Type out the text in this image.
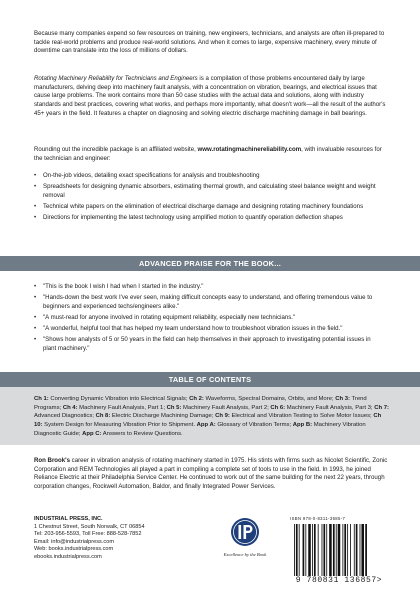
Because many companies expend so few resources on training, new engineers, technicians, and analysts are often ill-prepared to tackle real-world problems and produce real-world solutions. And when it comes to large, expensive machinery, every minute of downtime can translate into the loss of millions of dollars.

Rotating Machinery Reliability for Technicians and Engineers is a compilation of those problems encountered daily by large manufacturers, delving deep into machinery fault analysis, with a concentration on vibration, bearings, and electrical issues that cause large problems. The work contains more than 50 case studies with the actual data and solutions, along with industry standards and best practices, covering what works, and perhaps more importantly, what doesn't work—all the result of the author's 45+ years in the field. It features a chapter on diagnosing and solving electric discharge machining damage in ball bearings.

Rounding out the incredible package is an affiliated website, www.rotatingmachinereliability.com, with invaluable resources for the technician and engineer:

• On-the-job videos, detailing exact specifications for analysis and troubleshooting
• Spreadsheets for designing dynamic absorbers, estimating thermal growth, and calculating steel balance weight and weight removal
• Technical white papers on the elimination of electrical discharge damage and designing rotating machinery foundations
• Directions for implementing the latest technology using amplified motion to quantify operation deflection shapes
ADVANCED PRAISE FOR THE BOOK...
• "This is the book I wish I had when I started in the industry."
• "Hands-down the best work I've ever seen, making difficult concepts easy to understand, and offering tremendous value to beginners and experienced techs/engineers alike."
• "A must-read for anyone involved in rotating equipment reliability, especially new technicians."
• "A wonderful, helpful tool that has helped my team understand how to troubleshoot vibration issues in the field."
• "Shows how analysts of 5 or 50 years in the field can help themselves in their approach to investigating potential issues in plant machinery."
TABLE OF CONTENTS
Ch 1: Converting Dynamic Vibration into Electrical Signals; Ch 2: Waveforms, Spectral Domains, Orbits, and More; Ch 3: Trend Programs; Ch 4: Machinery Fault Analysis, Part 1; Ch 5: Machinery Fault Analysis, Part 2; Ch 6: Machinery Fault Analysis, Part 3; Ch 7: Advanced Diagnostics; Ch 8: Electric Discharge Machining Damage; Ch 9: Electrical and Vibration Testing to Solve Motor Issues; Ch 10: System Design for Measuring Vibration Prior to Shipment. App A: Glossary of Vibration Terms; App B: Machinery Vibration Diagnostic Guide; App C: Answers to Review Questions.

Ron Brook's career in vibration analysis of rotating machinery started in 1975. His stints with firms such as Nicolet Scientific, Zonic Corporation and REM Technologies all played a part in compiling a complete set of tools to use in the field. In 1993, he joined Reliance Electric at their Philadelphia Service Center. He continued to work out of the same building for the next 22 years, through corporation changes, Rockwell Automation, Baldor, and finally Integrated Power Services.

INDUSTRIAL PRESS, INC.
1 Chestnut Street, South Norwalk, CT 06854
Tel: 203-956-5593, Toll Free: 888-528-7852
Email: info@industrialpress.com
Web: books.industrialpress.com
ebooks.industrialpress.com	Excellence by the Book
ISBN 978-0-8311-3685-7
9 780831 136857>
